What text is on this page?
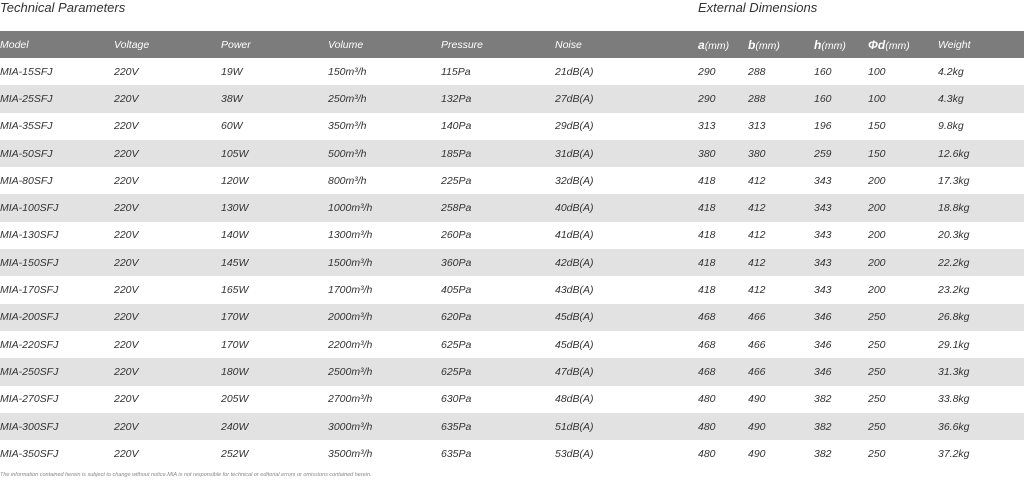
Technical Parameters	External Dimensions
Model	Voltage	Power	Volume	Pressure	Noise	a(mm)	b(mm)	h(mm)	Φd(mm)	Weight
MIA-15SFJ	220V	19W	150m³/h	115Pa	21dB(A)	290	288	160	100	4.2kg
MIA-25SFJ	220V	38W	250m³/h	132Pa	27dB(A)	290	288	160	100	4.3kg
MIA-35SFJ	220V	60W	350m³/h	140Pa	29dB(A)	313	313	196	150	9.8kg
MIA-50SFJ	220V	105W	500m³/h	185Pa	31dB(A)	380	380	259	150	12.6kg
MIA-80SFJ	220V	120W	800m³/h	225Pa	32dB(A)	418	412	343	200	17.3kg
MIA-100SFJ	220V	130W	1000m³/h	258Pa	40dB(A)	418	412	343	200	18.8kg
MIA-130SFJ	220V	140W	1300m³/h	260Pa	41dB(A)	418	412	343	200	20.3kg
MIA-150SFJ	220V	145W	1500m³/h	360Pa	42dB(A)	418	412	343	200	22.2kg
MIA-170SFJ	220V	165W	1700m³/h	405Pa	43dB(A)	418	412	343	200	23.2kg
MIA-200SFJ	220V	170W	2000m³/h	620Pa	45dB(A)	468	466	346	250	26.8kg
MIA-220SFJ	220V	170W	2200m³/h	625Pa	45dB(A)	468	466	346	250	29.1kg
MIA-250SFJ	220V	180W	2500m³/h	625Pa	47dB(A)	468	466	346	250	31.3kg
MIA-270SFJ	220V	205W	2700m³/h	630Pa	48dB(A)	480	490	382	250	33.8kg
MIA-300SFJ	220V	240W	3000m³/h	635Pa	51dB(A)	480	490	382	250	36.6kg
MIA-350SFJ	220V	252W	3500m³/h	635Pa	53dB(A)	480	490	382	250	37.2kg
The information contained herein is subject to change without notice.MIA is not responsible for technical or editorial errors or omissions contained herein.
